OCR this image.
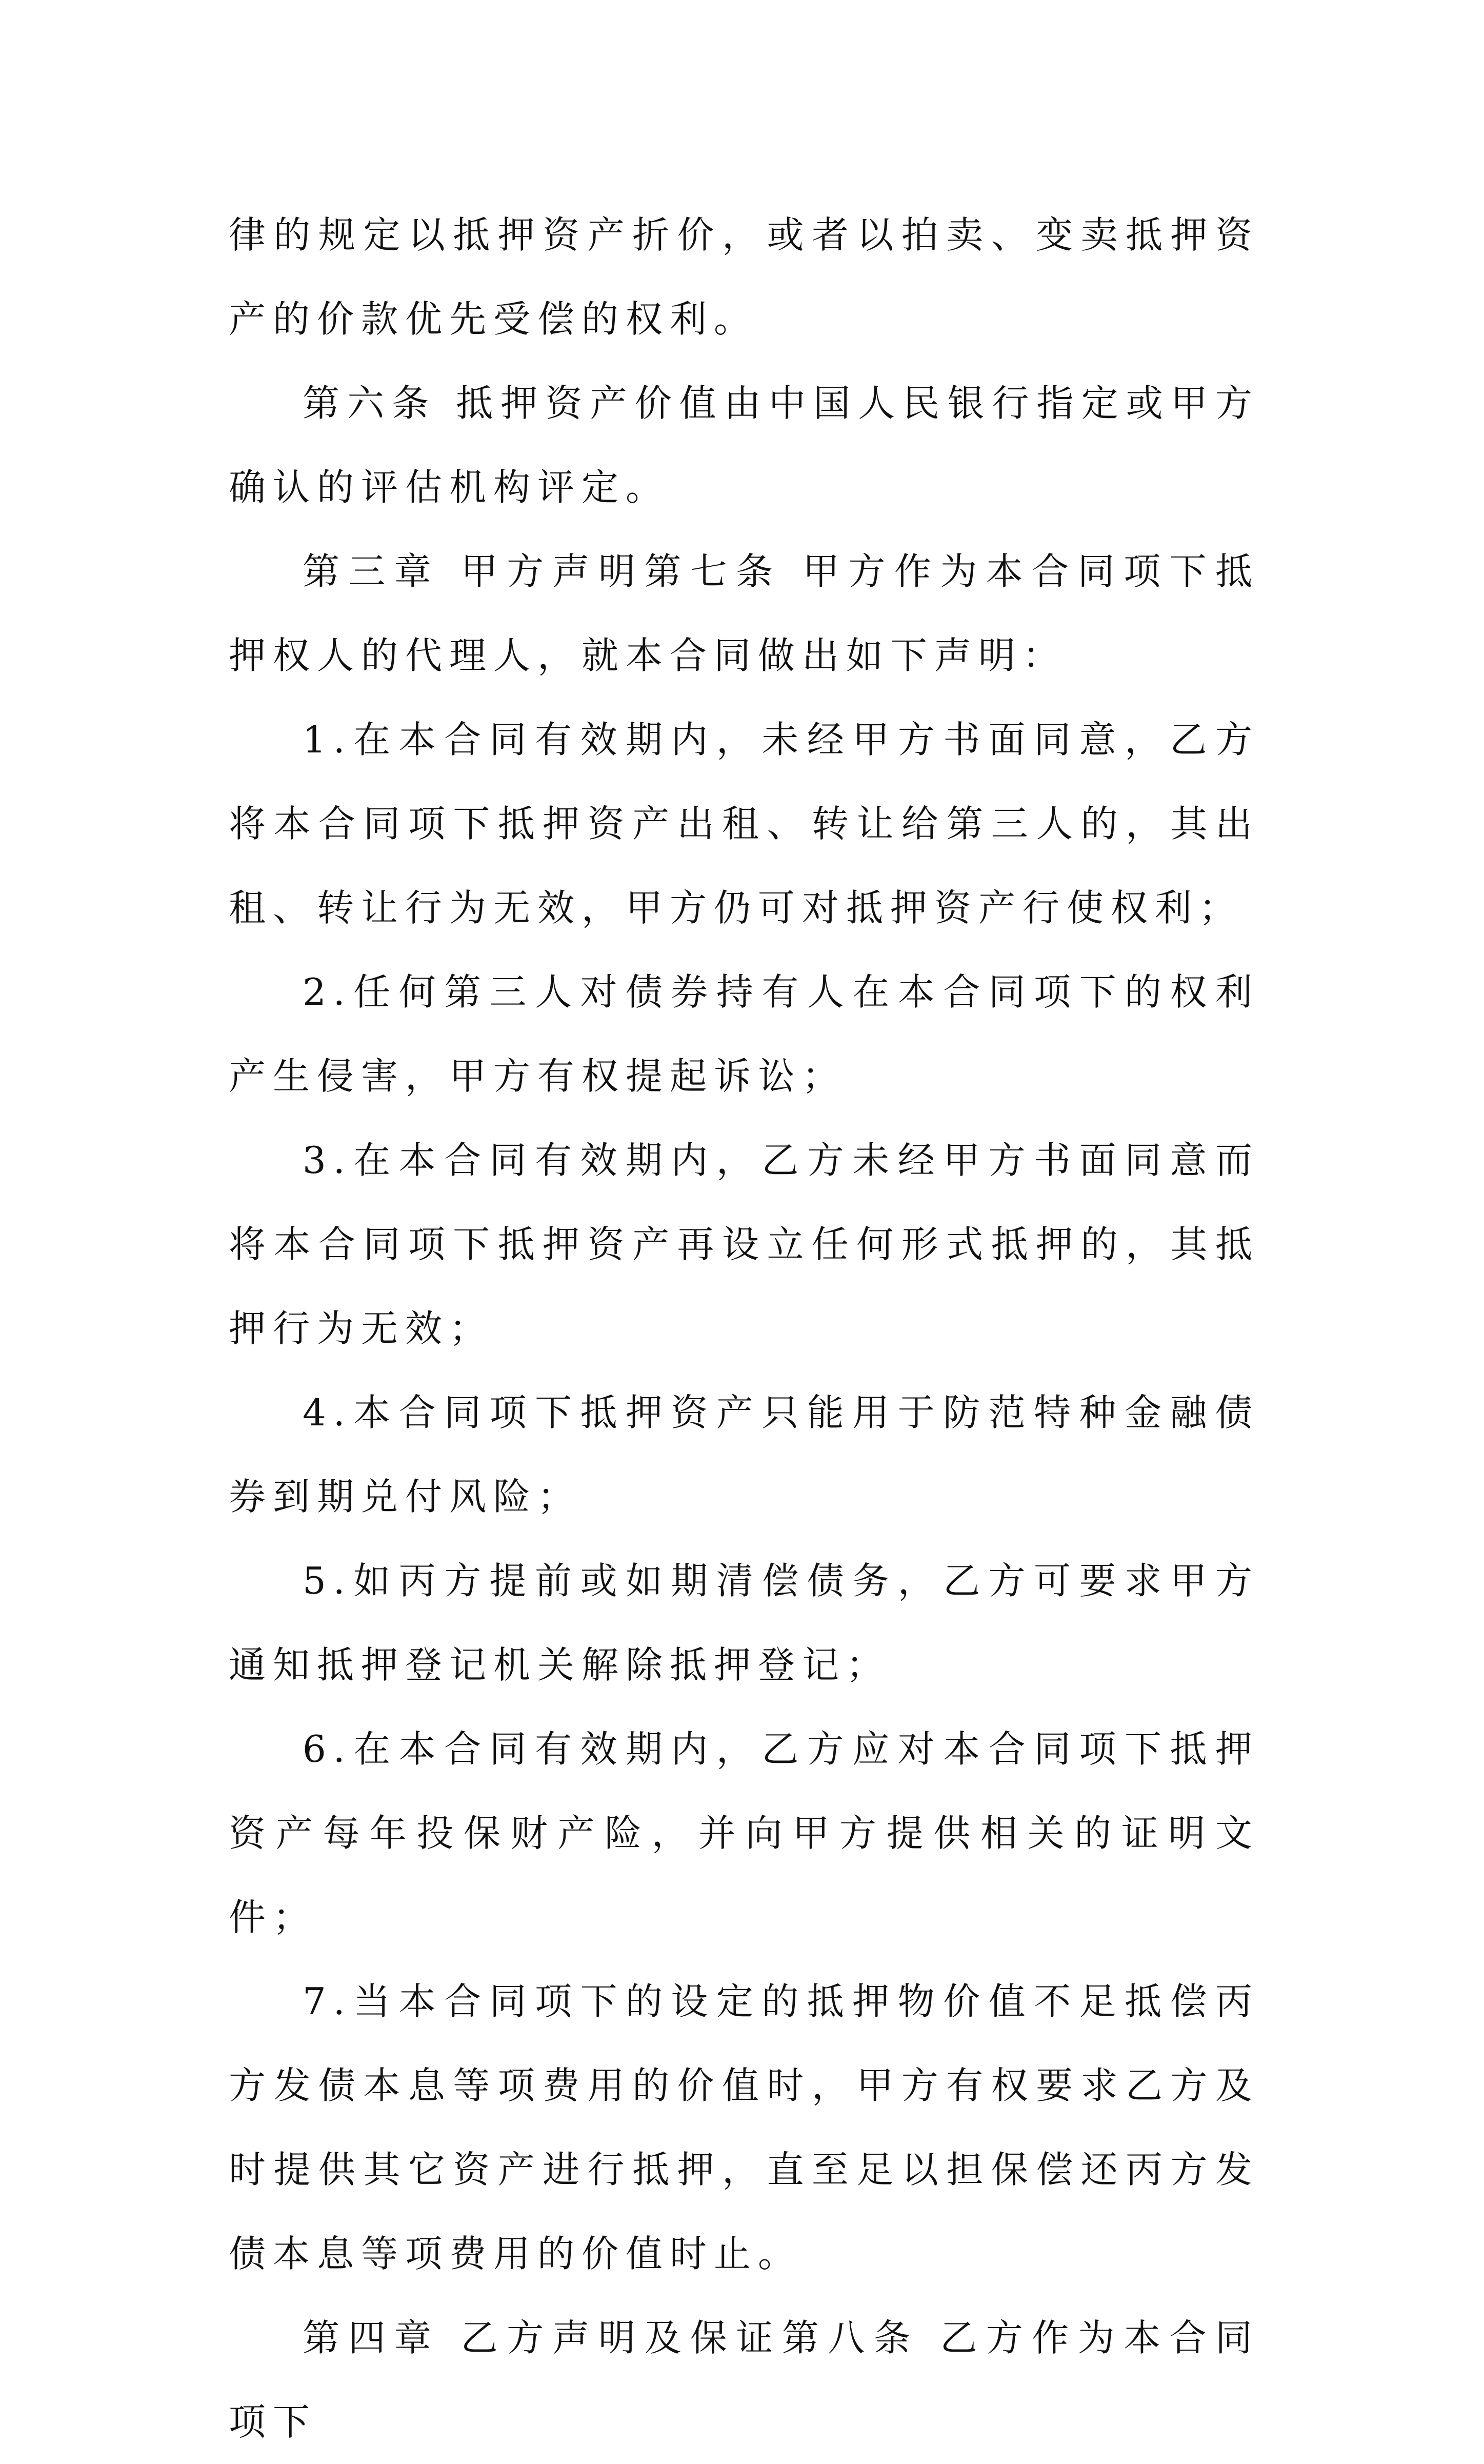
律的规定以抵押资产折价，或者以拍卖、变卖抵押资产的价款优先受偿的权利。

第六条 抵押资产价值由中国人民银行指定或甲方确认的评估机构评定。

第三章 甲方声明第七条 甲方作为本合同项下抵押权人的代理人，就本合同做出如下声明：

1.在本合同有效期内，未经甲方书面同意，乙方将本合同项下抵押资产出租、转让给第三人的，其出租、转让行为无效，甲方仍可对抵押资产行使权利；

2.任何第三人对债券持有人在本合同项下的权利产生侵害，甲方有权提起诉讼；

3.在本合同有效期内，乙方未经甲方书面同意而将本合同项下抵押资产再设立任何形式抵押的，其抵押行为无效；

4.本合同项下抵押资产只能用于防范特种金融债券到期兑付风险；

5.如丙方提前或如期清偿债务，乙方可要求甲方通知抵押登记机关解除抵押登记；

6.在本合同有效期内，乙方应对本合同项下抵押资产每年投保财产险，并向甲方提供相关的证明文件；

7.当本合同项下的设定的抵押物价值不足抵偿丙方发债本息等项费用的价值时，甲方有权要求乙方及时提供其它资产进行抵押，直至足以担保偿还丙方发债本息等项费用的价值时止。

第四章 乙方声明及保证第八条 乙方作为本合同项下
